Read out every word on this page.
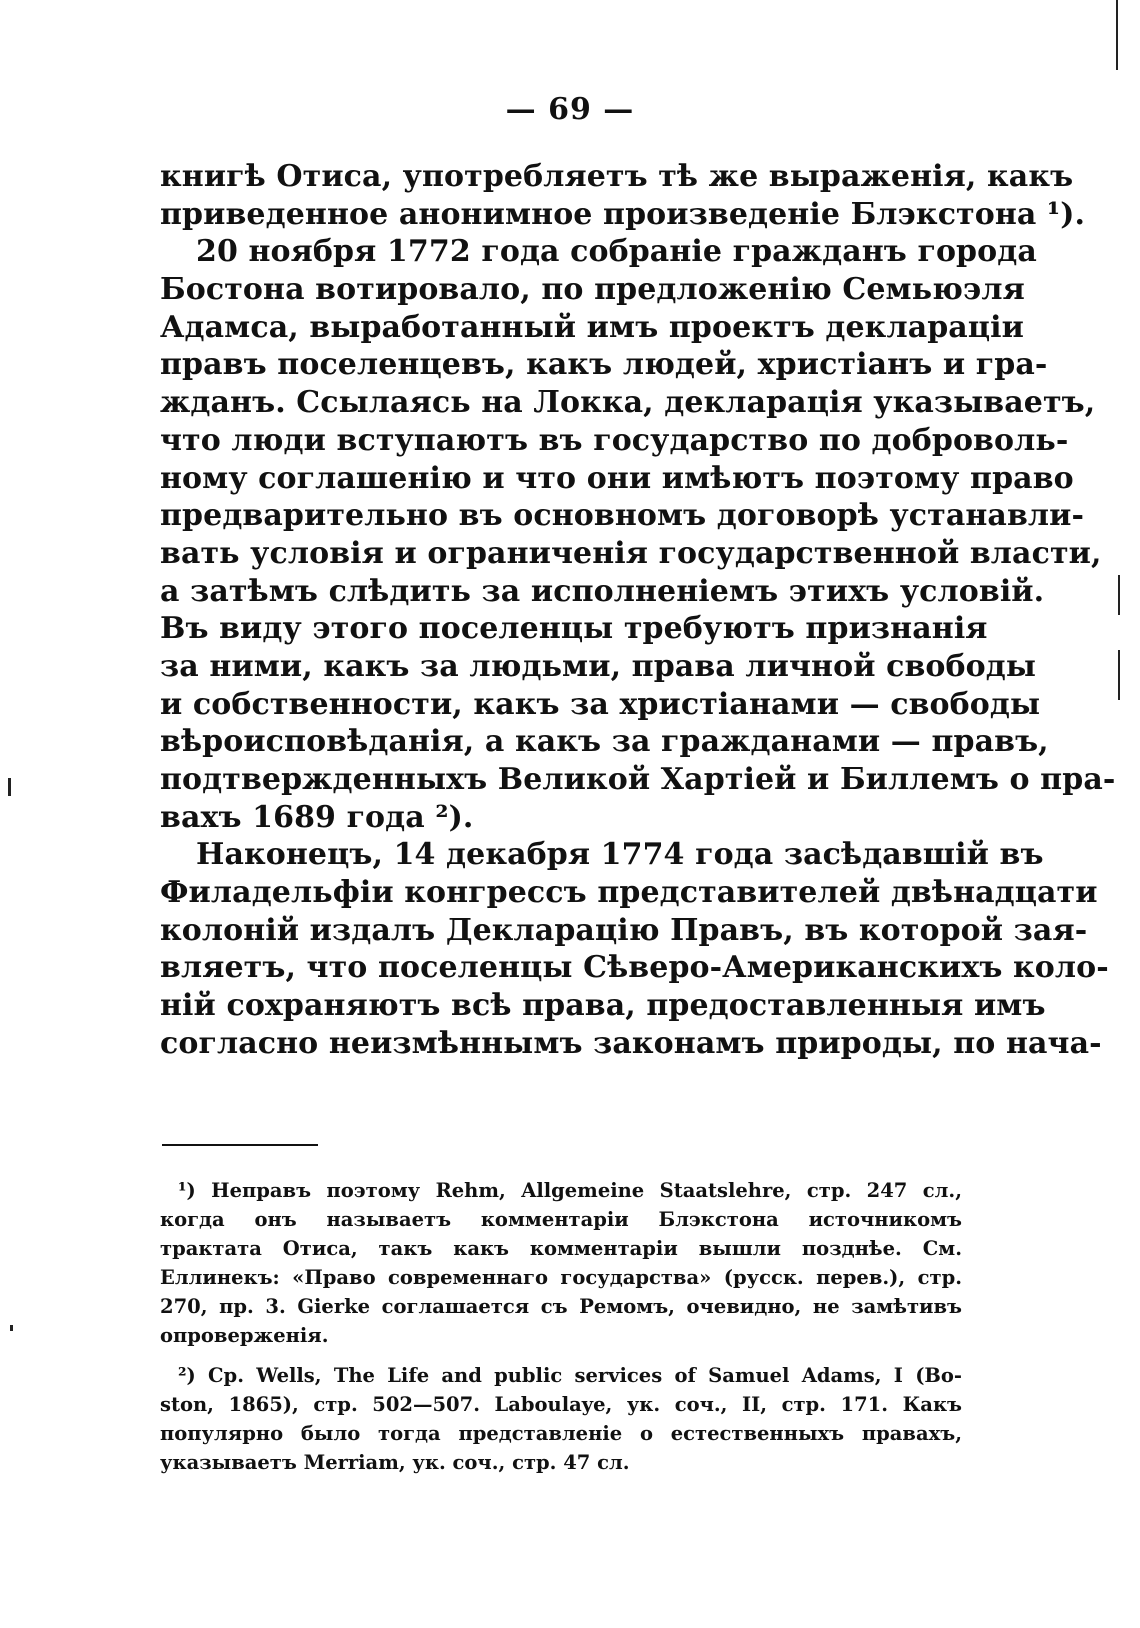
— 69 —
книгѣ Отиса, употребляетъ тѣ же выраженія, какъ
приведенное анонимное произведеніе Блэкстона ¹).
20 ноября 1772 года собраніе гражданъ города
Бостона вотировало, по предложенію Семьюэля
Адамса, выработанный имъ проектъ деклараціи
правъ поселенцевъ, какъ людей, христіанъ и гра-
жданъ. Ссылаясь на Локка, декларація указываетъ,
что люди вступаютъ въ государство по доброволь-
ному соглашенію и что они имѣютъ поэтому право
предварительно въ основномъ договорѣ устанавли-
вать условія и ограниченія государственной власти,
а затѣмъ слѣдить за исполненіемъ этихъ условій.
Въ виду этого поселенцы требуютъ признанія
за ними, какъ за людьми, права личной свободы
и собственности, какъ за христіанами — свободы
вѣроисповѣданія, а какъ за гражданами — правъ,
подтвержденныхъ Великой Хартіей и Биллемъ о пра-
вахъ 1689 года ²).
Наконецъ, 14 декабря 1774 года засѣдавшій въ
Филадельфіи конгрессъ представителей двѣнадцати
колоній издалъ Декларацію Правъ, въ которой зая-
вляетъ, что поселенцы Сѣверо-Американскихъ коло-
ній сохраняютъ всѣ права, предоставленныя имъ
согласно неизмѣннымъ законамъ природы, по нача-
¹) Неправъ поэтому Rehm, Allgemeine Staatslehre, стр. 247 сл.,
когда онъ называетъ комментаріи Блэкстона источникомъ
трактата Отиса, такъ какъ комментаріи вышли позднѣе. См.
Еллинекъ: «Право современнаго государства» (русск. перев.), стр.
270, пр. 3. Gierke соглашается съ Ремомъ, очевидно, не замѣтивъ
опроверженія.
²) Ср. Wells, The Life and public services of Samuel Adams, I (Bo-
ston, 1865), стр. 502—507. Laboulaye, ук. соч., II, стр. 171. Какъ
популярно было тогда представленіе о естественныхъ правахъ,
указываетъ Merriam, ук. соч., стр. 47 сл.
